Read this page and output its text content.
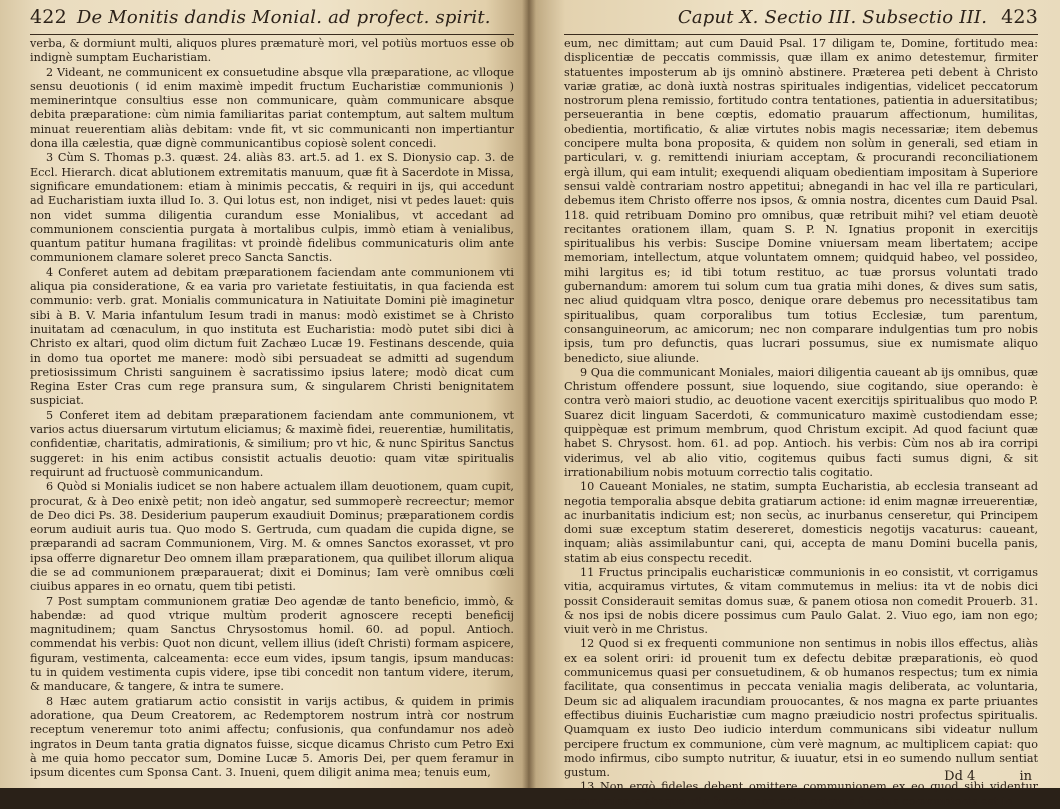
422 De Monitis dandis Monial. ad profect. spirit.

verba, & dormiunt multi, aliquos plures præmaturè mori, vel potiùs mortuos esse ob indignè sumptam Eucharistiam.

2 Videant, ne communicent ex consuetudine absque vlla præparatione, ac vlloque sensu deuotionis ( id enim maximè impedit fructum Eucharistiæ communionis ) meminerintque consultius esse non communicare, quàm communicare absque debita præparatione: cùm nimia familiaritas pariat contemptum, aut saltem multum minuat reuerentiam aliàs debitam: vnde fit, vt sic communicanti non impertiantur dona illa cælestia, quæ dignè communicantibus copiosè solent concedi.

3 Cùm S. Thomas p.3. quæst. 24. aliàs 83. art.5. ad 1. ex S. Dionysio cap. 3. de Eccl. Hierarch. dicat ablutionem extremitatis manuum, quæ fit à Sacerdote in Missa, significare emundationem: etiam à minimis peccatis, & requiri in ijs, qui accedunt ad Eucharistiam iuxta illud Io. 3. Qui lotus est, non indiget, nisi vt pedes lauet: quis non videt summa diligentia curandum esse Monialibus, vt accedant ad communionem conscientia purgata à mortalibus culpis, immò etiam à venialibus, quantum patitur humana fragilitas: vt proindè fidelibus communicaturis olim ante communionem clamare soleret preco Sancta Sanctis.

4 Conferet autem ad debitam præparationem faciendam ante communionem vti aliqua pia consideratione, & ea varia pro varietate festiuitatis, in qua facienda est communio: verb. grat. Monialis communicatura in Natiuitate Domini piè imaginetur sibi à B. V. Maria infantulum Iesum tradi in manus: modò existimet se à Christo inuitatam ad cœnaculum, in quo instituta est Eucharistia: modò putet sibi dici à Christo ex altari, quod olim dictum fuit Zachæo Lucæ 19. Festinans descende, quia in domo tua oportet me manere: modò sibi persuadeat se admitti ad sugendum pretiosissimum Christi sanguinem è sacratissimo ipsius latere; modò dicat cum Regina Ester Cras cum rege pransura sum, & singularem Christi benignitatem suspiciat.

5 Conferet item ad debitam præparationem faciendam ante communionem, vt varios actus diuersarum virtutum eliciamus; & maximè fidei, reuerentiæ, humilitatis, confidentiæ, charitatis, admirationis, & similium; pro vt hic, & nunc Spiritus Sanctus suggeret: in his enim actibus consistit actualis deuotio: quam vitæ spiritualis requirunt ad fructuosè communicandum.

6 Quòd si Monialis iudicet se non habere actualem illam deuotionem, quam cupit, procurat, & à Deo enixè petit; non ideò angatur, sed summoperè recreectur; memor de Deo dici Ps. 38. Desiderium pauperum exaudiuit Dominus; præparationem cordis eorum audiuit auris tua. Quo modo S. Gertruda, cum quadam die cupida digne, se præparandi ad sacram Communionem, Virg. M. & omnes Sanctos exorasset, vt pro ipsa offerre dignaretur Deo omnem illam præparationem, qua quilibet illorum aliqua die se ad communionem præparauerat; dixit ei Dominus; Iam verè omnibus cœli ciuibus appares in eo ornatu, quem tibi petisti.

7 Post sumptam communionem gratiæ Deo agendæ de tanto beneficio, immò, & habendæ: ad quod vtrique multùm proderit agnoscere recepti beneficij magnitudinem; quam Sanctus Chrysostomus homil. 60. ad popul. Antioch. commendat his verbis: Quot non dicunt, vellem illius (ideſt Christi) formam aspicere, figuram, vestimenta, calceamenta: ecce eum vides, ipsum tangis, ipsum manducas: tu in quidem vestimenta cupis videre, ipse tibi concedit non tantum videre, iterum, & manducare, & tangere, & intra te sumere.

8 Hæc autem gratiarum actio consistit in varijs actibus, & quidem in primis adoratione, qua Deum Creatorem, ac Redemptorem nostrum intrà cor nostrum receptum veneremur toto animi affectu; confusionis, qua confundamur nos adeò ingratos in Deum tanta gratia dignatos fuisse, sicque dicamus Christo cum Petro Exi à me quia homo peccator sum, Domine Lucæ 5. Amoris Dei, per quem feramur in ipsum dicentes cum Sponsa Cant. 3. Inueni, quem diligit anima mea; tenuis eum,

Caput X. Sectio III. Subsectio III. 423

eum, nec dimittam; aut cum Dauid Psal. 17 diligam te, Domine, fortitudo mea: displicentiæ de peccatis commissis, quæ illam ex animo detestemur, firmiter statuentes imposterum ab ijs omninò abstinere. Præterea peti debent à Christo variæ gratiæ, ac donà iuxtà nostras spirituales indigentias, videlicet peccatorum nostrorum plena remissio, fortitudo contra tentationes, patientia in aduersitatibus; perseuerantia in bene cœptis, edomatio prauarum affectionum, humilitas, obedientia, mortificatio, & aliæ virtutes nobis magis necessariæ; item debemus concipere multa bona proposita, & quidem non solùm in generali, sed etiam in particulari, v. g. remittendi iniuriam acceptam, & procurandi reconciliationem ergà illum, qui eam intulit; exequendi aliquam obedientiam impositam à Superiore sensui valdè contrariam nostro appetitui; abnegandi in hac vel illa re particulari, debemus item Christo offerre nos ipsos, & omnia nostra, dicentes cum Dauid Psal. 118. quid retribuam Domino pro omnibus, quæ retribuit mihi? vel etiam deuotè recitantes orationem illam, quam S. P. N. Ignatius proponit in exercitijs spiritualibus his verbis: Suscipe Domine vniuersam meam libertatem; accipe memoriam, intellectum, atque voluntatem omnem; quidquid habeo, vel possideo, mihi largitus es; id tibi totum restituo, ac tuæ prorsus voluntati trado gubernandum: amorem tui solum cum tua gratia mihi dones, & dives sum satis, nec aliud quidquam vltra posco, denique orare debemus pro necessitatibus tam spiritualibus, quam corporalibus tum totius Ecclesiæ, tum parentum, consanguineorum, ac amicorum; nec non comparare indulgentias tum pro nobis ipsis, tum pro defunctis, quas lucrari possumus, siue ex numismate aliquo benedicto, siue aliunde.

9 Qua die communicant Moniales, maiori diligentia caueant ab ijs omnibus, quæ Christum offendere possunt, siue loquendo, siue cogitando, siue operando: è contra verò maiori studio, ac deuotione vacent exercitijs spiritualibus quo modo P. Suarez dicit linguam Sacerdoti, & communicaturo maximè custodiendam esse; quippèquæ est primum membrum, quod Christum excipit. Ad quod faciunt quæ habet S. Chrysost. hom. 61. ad pop. Antioch. his verbis: Cùm nos ab ira corripi viderimus, vel ab alio vitio, cogitemus quibus facti sumus digni, & sit irrationabilium nobis motuum correctio talis cogitatio.

10 Caueant Moniales, ne statim, sumpta Eucharistia, ab ecclesia transeant ad negotia temporalia absque debita gratiarum actione: id enim magnæ irreuerentiæ, ac inurbanitatis indicium est; non secùs, ac inurbanus censeretur, qui Principem domi suæ exceptum statim desereret, domesticis negotijs vacaturus: caueant, inquam; aliàs assimilabuntur cani, qui, accepta de manu Domini bucella panis, statim ab eius conspectu recedit.

11 Fructus principalis eucharisticæ communionis in eo consistit, vt corrigamus vitia, acquiramus virtutes, & vitam commutemus in melius: ita vt de nobis dici possit Considerauit semitas domus suæ, & panem otiosa non comedit Prouerb. 31. & nos ipsi de nobis dicere possimus cum Paulo Galat. 2. Viuo ego, iam non ego; viuit verò in me Christus.

12 Quod si ex frequenti communione non sentimus in nobis illos effectus, aliàs ex ea solent oriri: id prouenit tum ex defectu debitæ præparationis, eò quod communicemus quasi per consuetudinem, & ob humanos respectus; tum ex nimia facilitate, qua consentimus in peccata venialia magis deliberata, ac voluntaria, Deum sic ad aliqualem iracundiam prouocantes, & nos magna ex parte priuantes effectibus diuinis Eucharistiæ cum magno præiudicio nostri profectus spiritualis. Quamquam ex iusto Deo iudicio interdum communicans sibi videatur nullum percipere fructum ex communione, cùm verè magnum, ac multiplicem capiat: quo modo infirmus, cibo sumpto nutritur, & iuuatur, etsi in eo sumendo nullum sentiat gustum.

13 Non ergò fideles debent omittere communionem ex eo quod sibi videntur communicare absque vllo fructu: non enim exiguus fructus communionis est in

Dd 4	in
